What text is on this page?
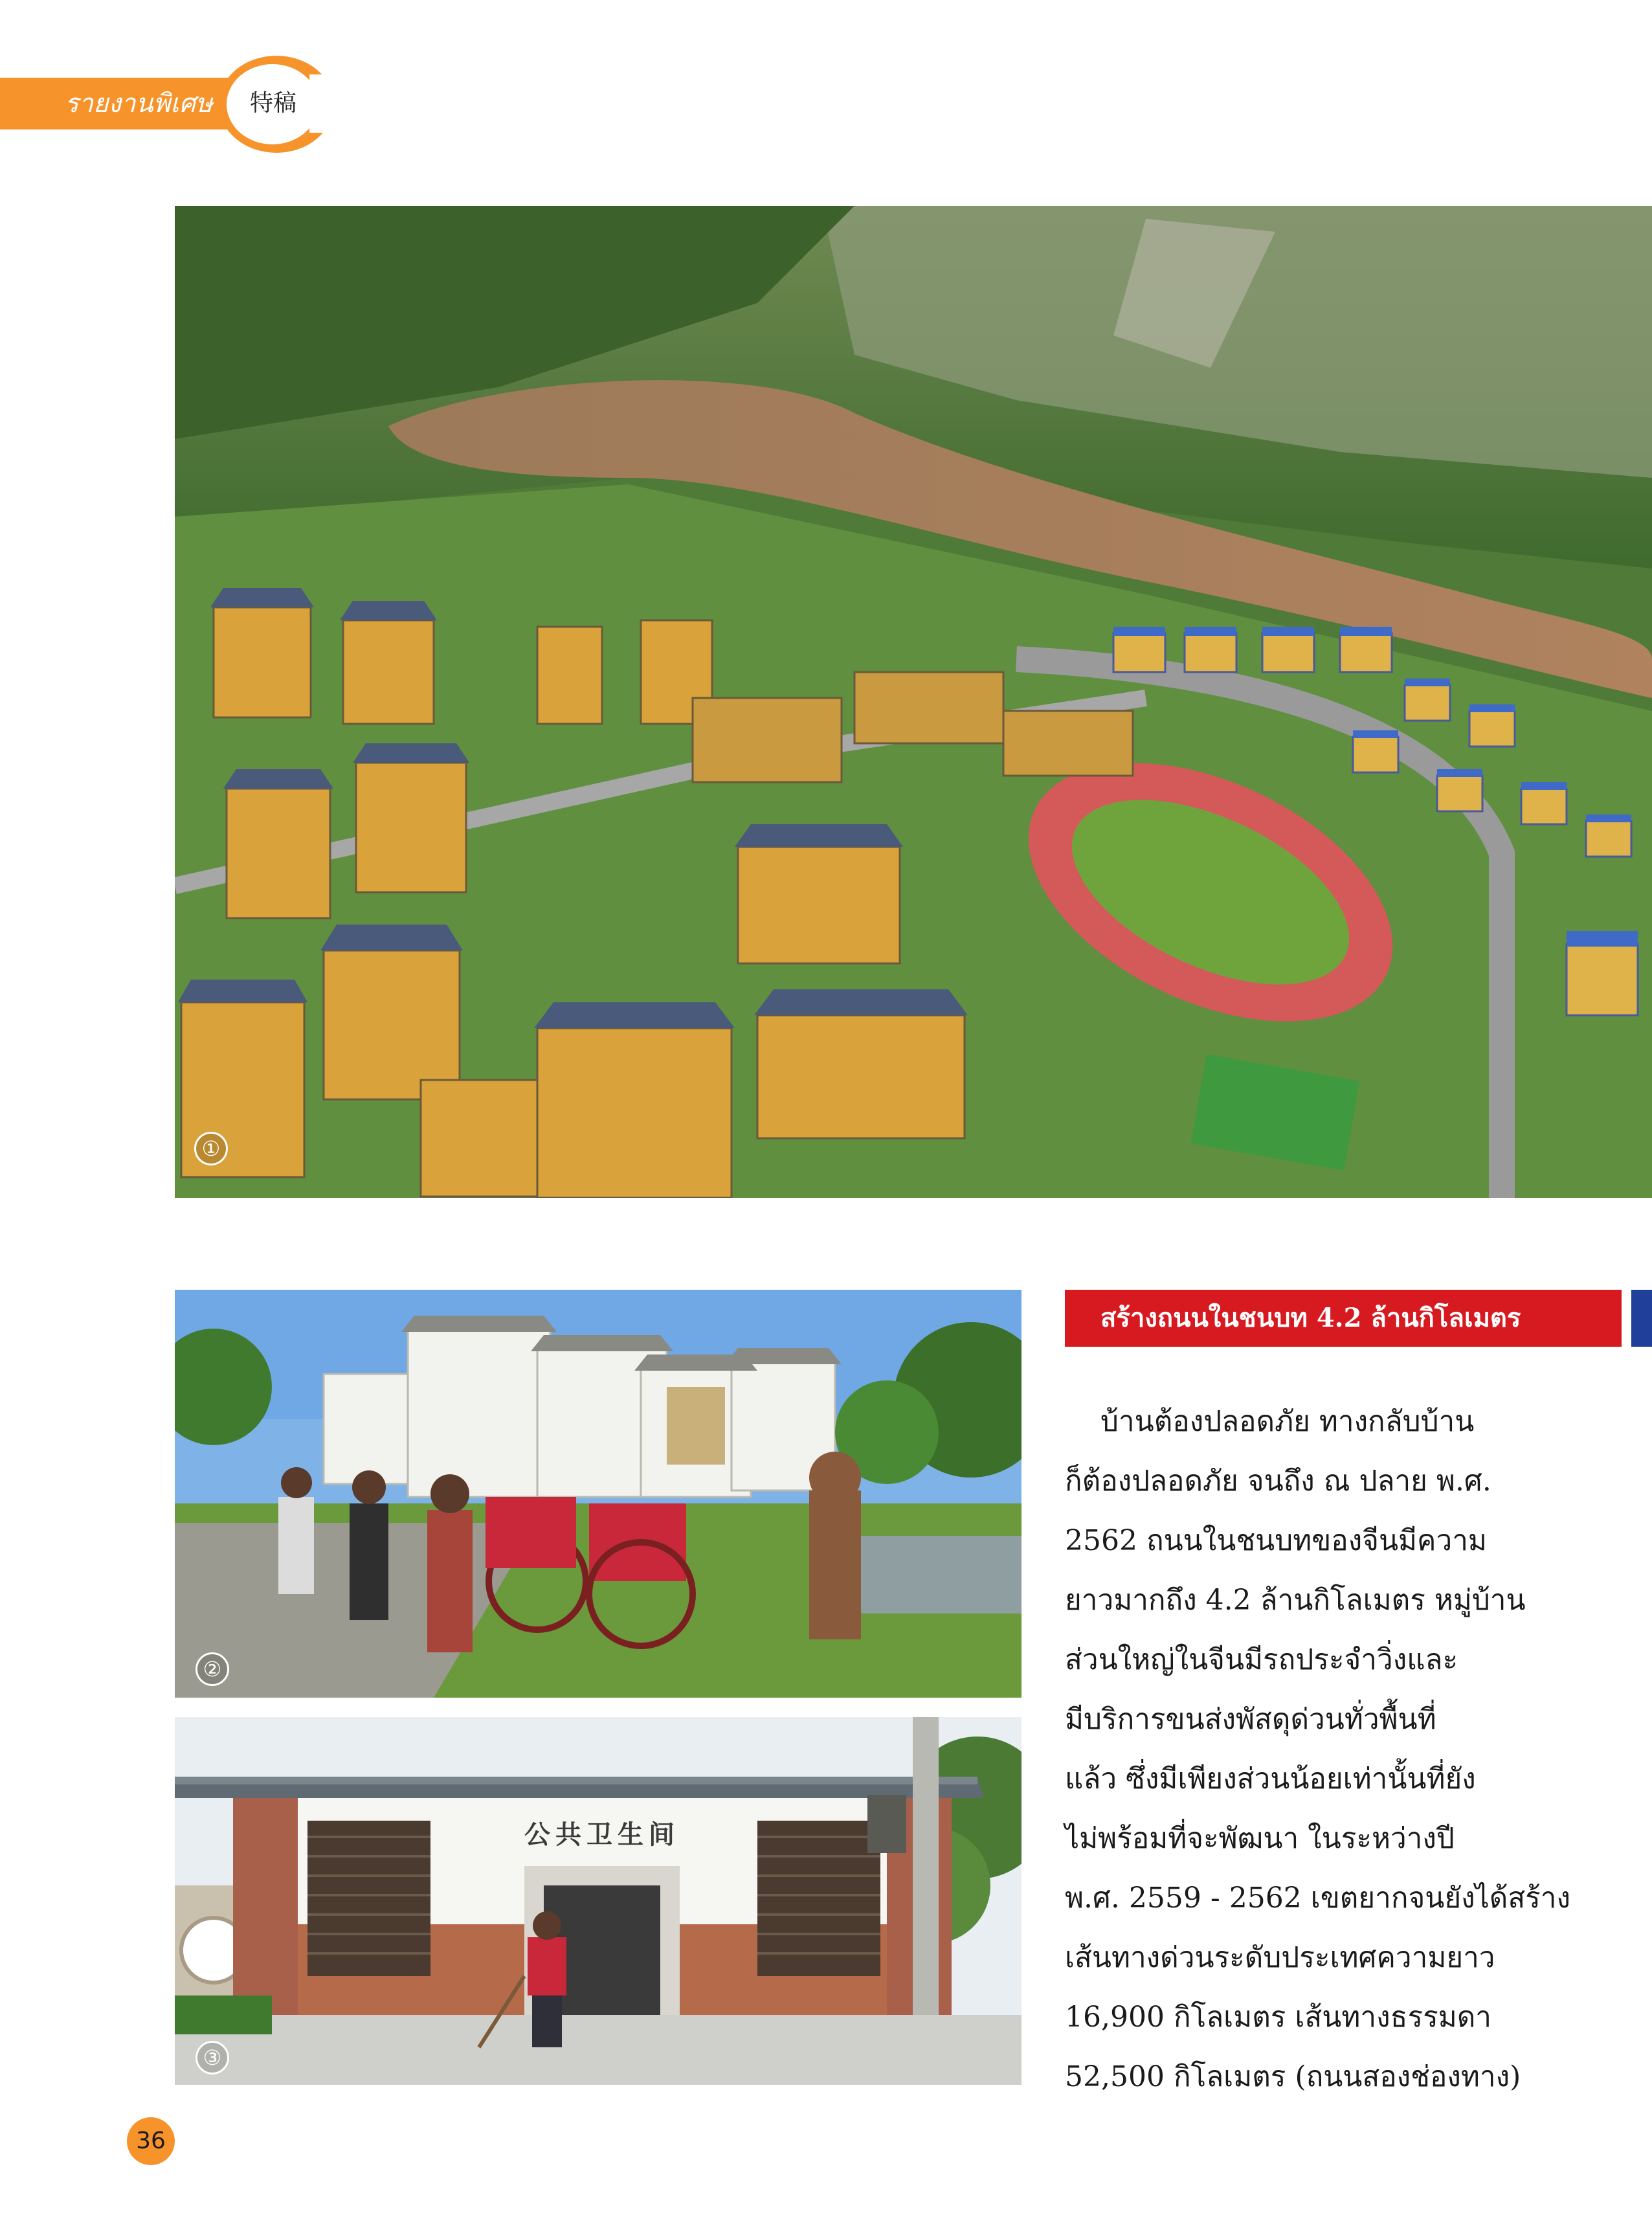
รายงานพิเศษ	特稿
①
②
公共卫生间
③
สร้างถนนในชนบท 4.2 ล้านกิโลเมตร
บ้านต้องปลอดภัย ทางกลับบ้าน
ก็ต้องปลอดภัย จนถึง ณ ปลาย พ.ศ.
2562 ถนนในชนบทของจีนมีความ
ยาวมากถึง 4.2 ล้านกิโลเมตร หมู่บ้าน
ส่วนใหญ่ในจีนมีรถประจำวิ่งและ
มีบริการขนส่งพัสดุด่วนทั่วพื้นที่
แล้ว ซึ่งมีเพียงส่วนน้อยเท่านั้นที่ยัง
ไม่พร้อมที่จะพัฒนา ในระหว่างปี
พ.ศ. 2559 - 2562 เขตยากจนยังได้สร้าง
เส้นทางด่วนระดับประเทศความยาว
16,900 กิโลเมตร เส้นทางธรรมดา
52,500 กิโลเมตร (ถนนสองช่องทาง)
36
